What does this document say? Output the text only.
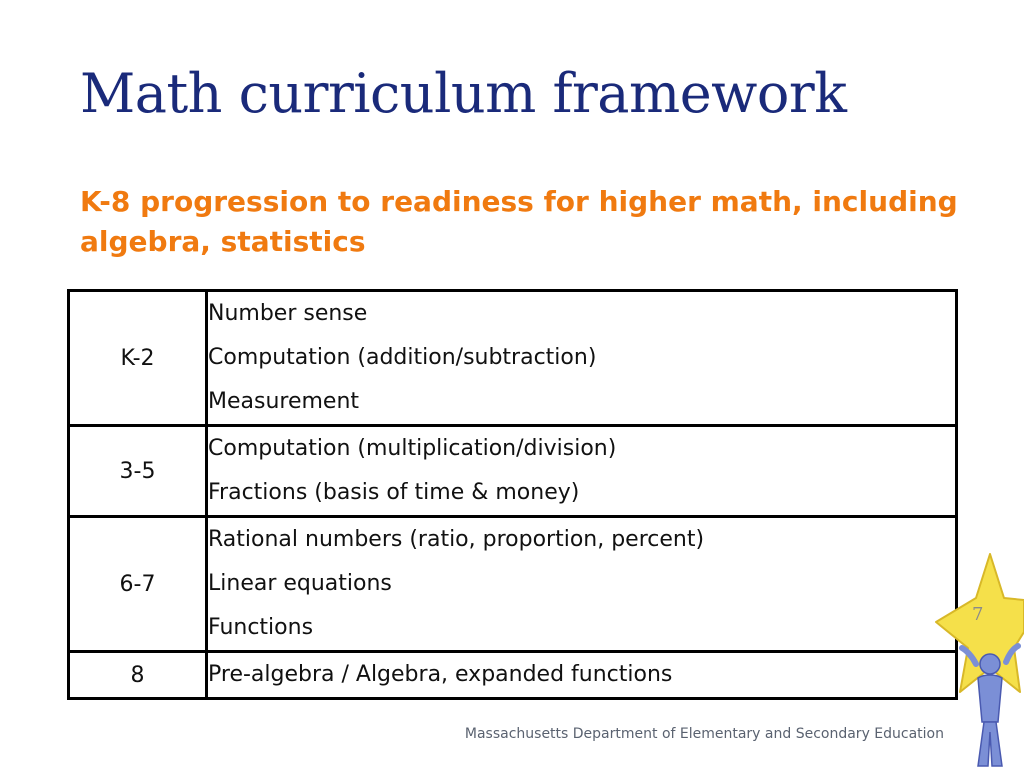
Math curriculum framework
K-8 progression to readiness for higher math, including algebra, statistics
K-2	Number sense
Computation (addition/subtraction)
Measurement

3-5	Computation (multiplication/division)
Fractions (basis of time & money)

6-7	Rational numbers (ratio, proportion, percent)
Linear equations
Functions

8	Pre-algebra / Algebra, expanded functions
Massachusetts Department of Elementary and Secondary Education
7
